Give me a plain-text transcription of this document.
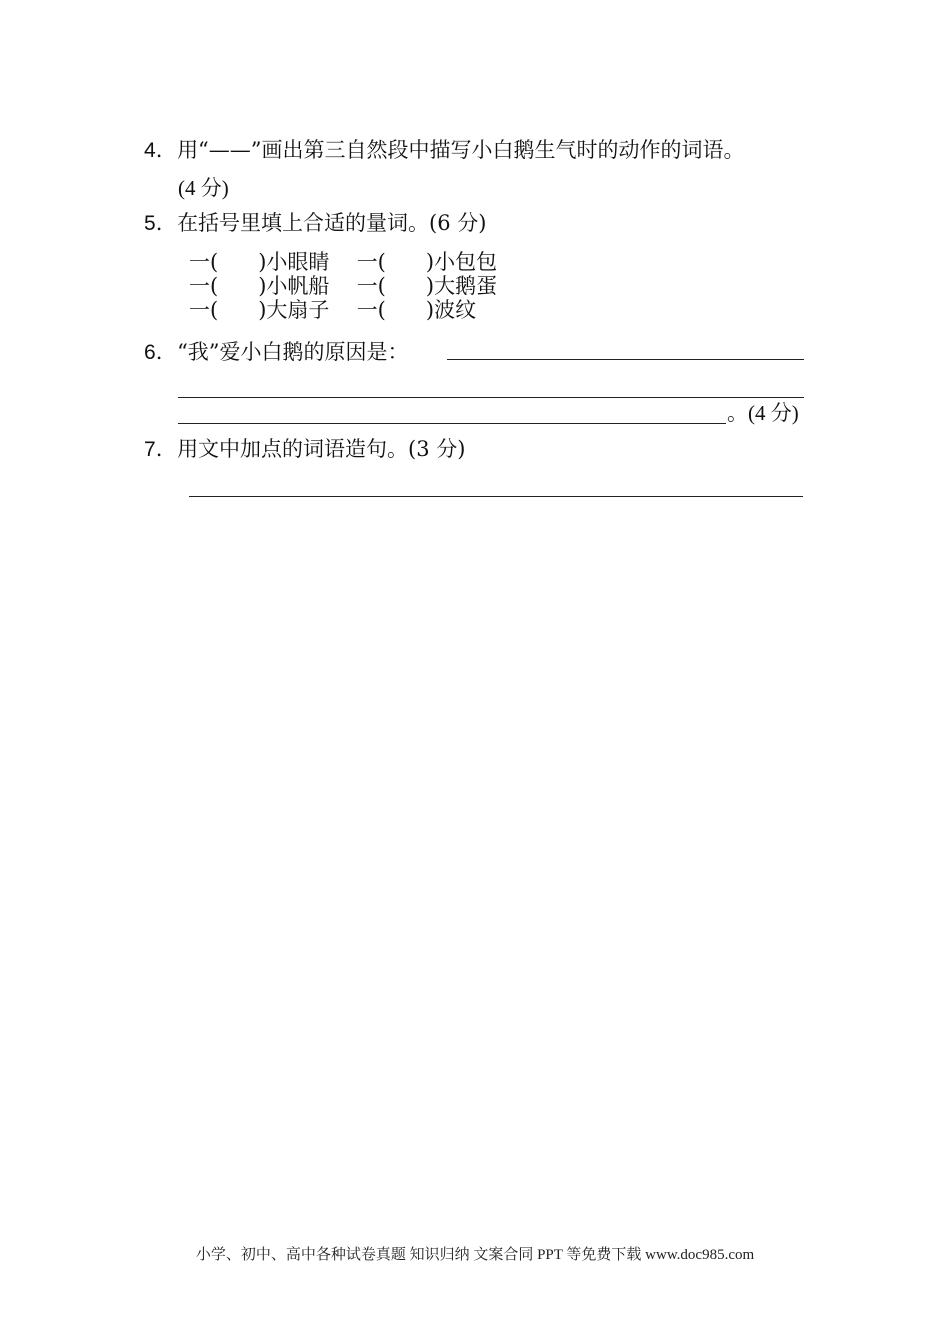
4. 用“——”画出第三自然段中描写小白鹅生气时的动作的词语。
(4 分)
5. 在括号里填上合适的量词。(6 分)
一( )小眼睛 一( )小包包
一( )小帆船 一( )大鹅蛋
一( )大扇子 一( )波纹
6. “我”爱小白鹅的原因是：
。(4 分)
7. 用文中加点的词语造句。(3 分)
小学、初中、高中各种试卷真题 知识归纳 文案合同 PPT 等免费下载 www.doc985.com
